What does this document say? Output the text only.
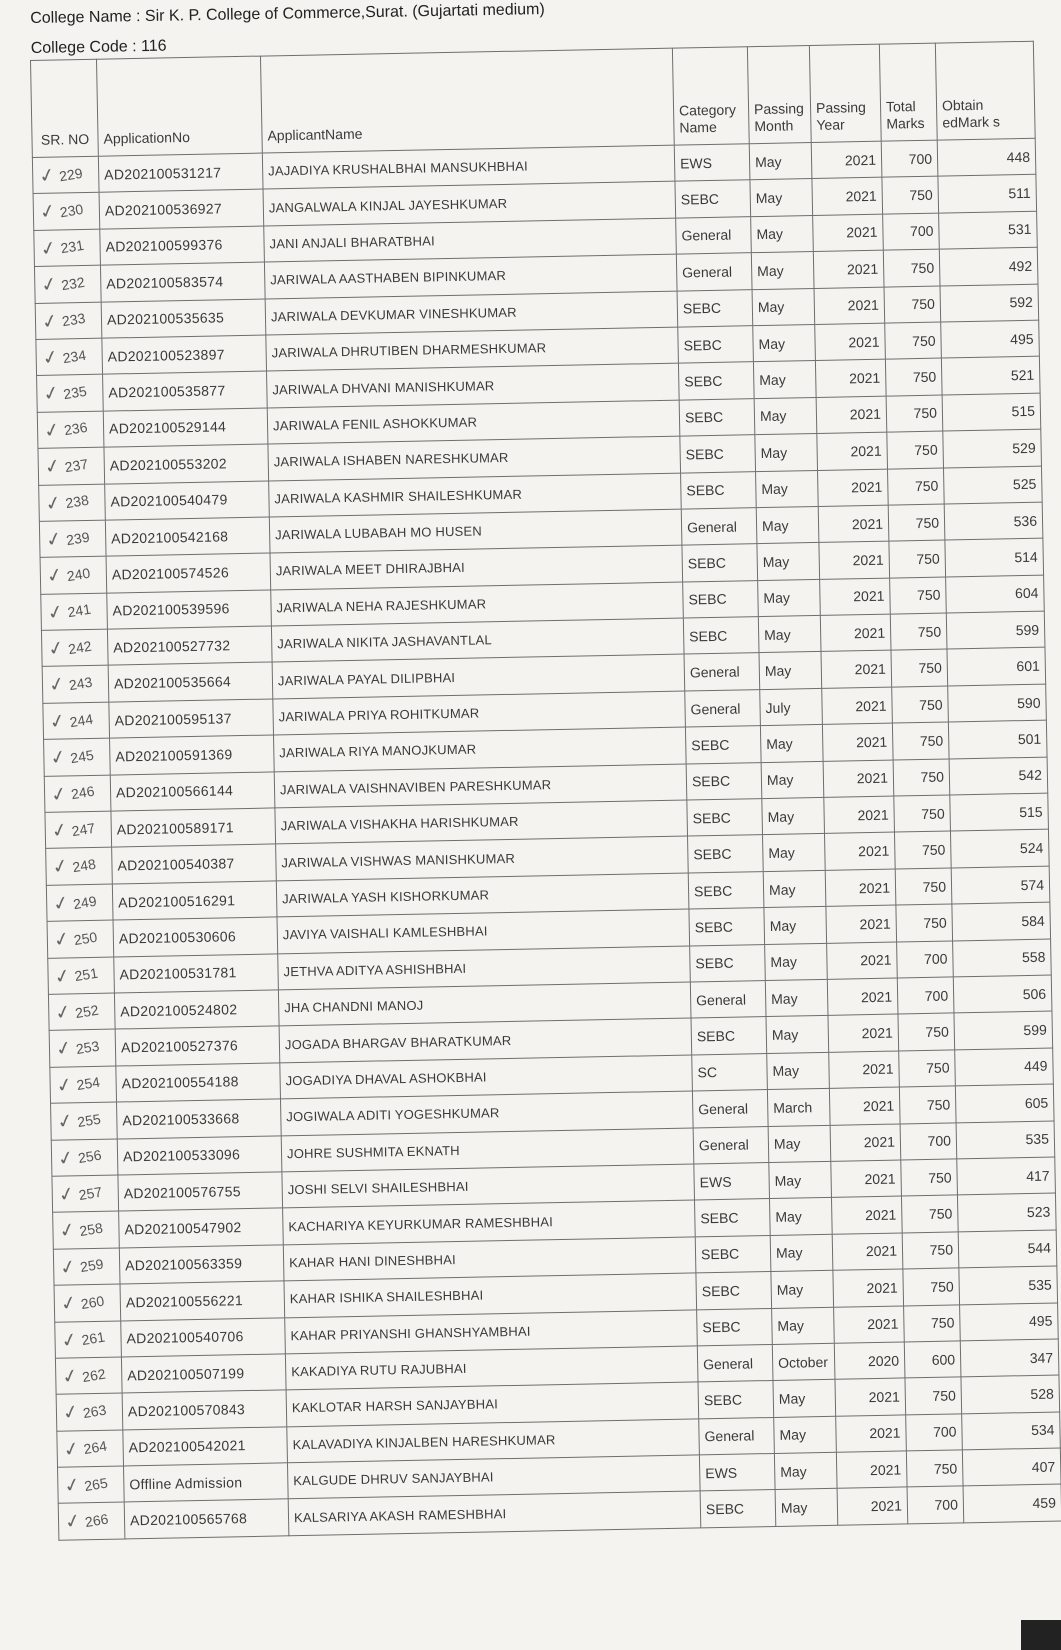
College Name : Sir K. P. College of Commerce,Surat. (Gujartati medium)
College Code : 116
SR. NO	ApplicationNo	ApplicantName	Category Name	Passing Month	Passing Year	Total Marks	Obtain edMark s

✓ 229	AD202100531217	JAJADIYA KRUSHALBHAI MANSUKHBHAI	EWS	May	2021	700	448

✓ 230	AD202100536927	JANGALWALA KINJAL JAYESHKUMAR	SEBC	May	2021	750	511

✓ 231	AD202100599376	JANI ANJALI BHARATBHAI	General	May	2021	700	531

✓ 232	AD202100583574	JARIWALA AASTHABEN BIPINKUMAR	General	May	2021	750	492

✓ 233	AD202100535635	JARIWALA DEVKUMAR VINESHKUMAR	SEBC	May	2021	750	592

✓ 234	AD202100523897	JARIWALA DHRUTIBEN DHARMESHKUMAR	SEBC	May	2021	750	495

✓ 235	AD202100535877	JARIWALA DHVANI MANISHKUMAR	SEBC	May	2021	750	521

✓ 236	AD202100529144	JARIWALA FENIL ASHOKKUMAR	SEBC	May	2021	750	515

✓ 237	AD202100553202	JARIWALA ISHABEN NARESHKUMAR	SEBC	May	2021	750	529

✓ 238	AD202100540479	JARIWALA KASHMIR SHAILESHKUMAR	SEBC	May	2021	750	525

✓ 239	AD202100542168	JARIWALA LUBABAH MO HUSEN	General	May	2021	750	536

✓ 240	AD202100574526	JARIWALA MEET DHIRAJBHAI	SEBC	May	2021	750	514

✓ 241	AD202100539596	JARIWALA NEHA RAJESHKUMAR	SEBC	May	2021	750	604

✓ 242	AD202100527732	JARIWALA NIKITA JASHAVANTLAL	SEBC	May	2021	750	599

✓ 243	AD202100535664	JARIWALA PAYAL DILIPBHAI	General	May	2021	750	601

✓ 244	AD202100595137	JARIWALA PRIYA ROHITKUMAR	General	July	2021	750	590

✓ 245	AD202100591369	JARIWALA RIYA MANOJKUMAR	SEBC	May	2021	750	501

✓ 246	AD202100566144	JARIWALA VAISHNAVIBEN PARESHKUMAR	SEBC	May	2021	750	542

✓ 247	AD202100589171	JARIWALA VISHAKHA HARISHKUMAR	SEBC	May	2021	750	515

✓ 248	AD202100540387	JARIWALA VISHWAS MANISHKUMAR	SEBC	May	2021	750	524

✓ 249	AD202100516291	JARIWALA YASH KISHORKUMAR	SEBC	May	2021	750	574

✓ 250	AD202100530606	JAVIYA VAISHALI KAMLESHBHAI	SEBC	May	2021	750	584

✓ 251	AD202100531781	JETHVA ADITYA ASHISHBHAI	SEBC	May	2021	700	558

✓ 252	AD202100524802	JHA CHANDNI MANOJ	General	May	2021	700	506

✓ 253	AD202100527376	JOGADA BHARGAV BHARATKUMAR	SEBC	May	2021	750	599

✓ 254	AD202100554188	JOGADIYA DHAVAL ASHOKBHAI	SC	May	2021	750	449

✓ 255	AD202100533668	JOGIWALA ADITI YOGESHKUMAR	General	March	2021	750	605

✓ 256	AD202100533096	JOHRE SUSHMITA EKNATH	General	May	2021	700	535

✓ 257	AD202100576755	JOSHI SELVI SHAILESHBHAI	EWS	May	2021	750	417

✓ 258	AD202100547902	KACHARIYA KEYURKUMAR RAMESHBHAI	SEBC	May	2021	750	523

✓ 259	AD202100563359	KAHAR HANI DINESHBHAI	SEBC	May	2021	750	544

✓ 260	AD202100556221	KAHAR ISHIKA SHAILESHBHAI	SEBC	May	2021	750	535

✓ 261	AD202100540706	KAHAR PRIYANSHI GHANSHYAMBHAI	SEBC	May	2021	750	495

✓ 262	AD202100507199	KAKADIYA RUTU RAJUBHAI	General	October	2020	600	347

✓ 263	AD202100570843	KAKLOTAR HARSH SANJAYBHAI	SEBC	May	2021	750	528

✓ 264	AD202100542021	KALAVADIYA KINJALBEN HARESHKUMAR	General	May	2021	700	534

✓ 265	Offline Admission	KALGUDE DHRUV SANJAYBHAI	EWS	May	2021	750	407

✓ 266	AD202100565768	KALSARIYA AKASH RAMESHBHAI	SEBC	May	2021	700	459
